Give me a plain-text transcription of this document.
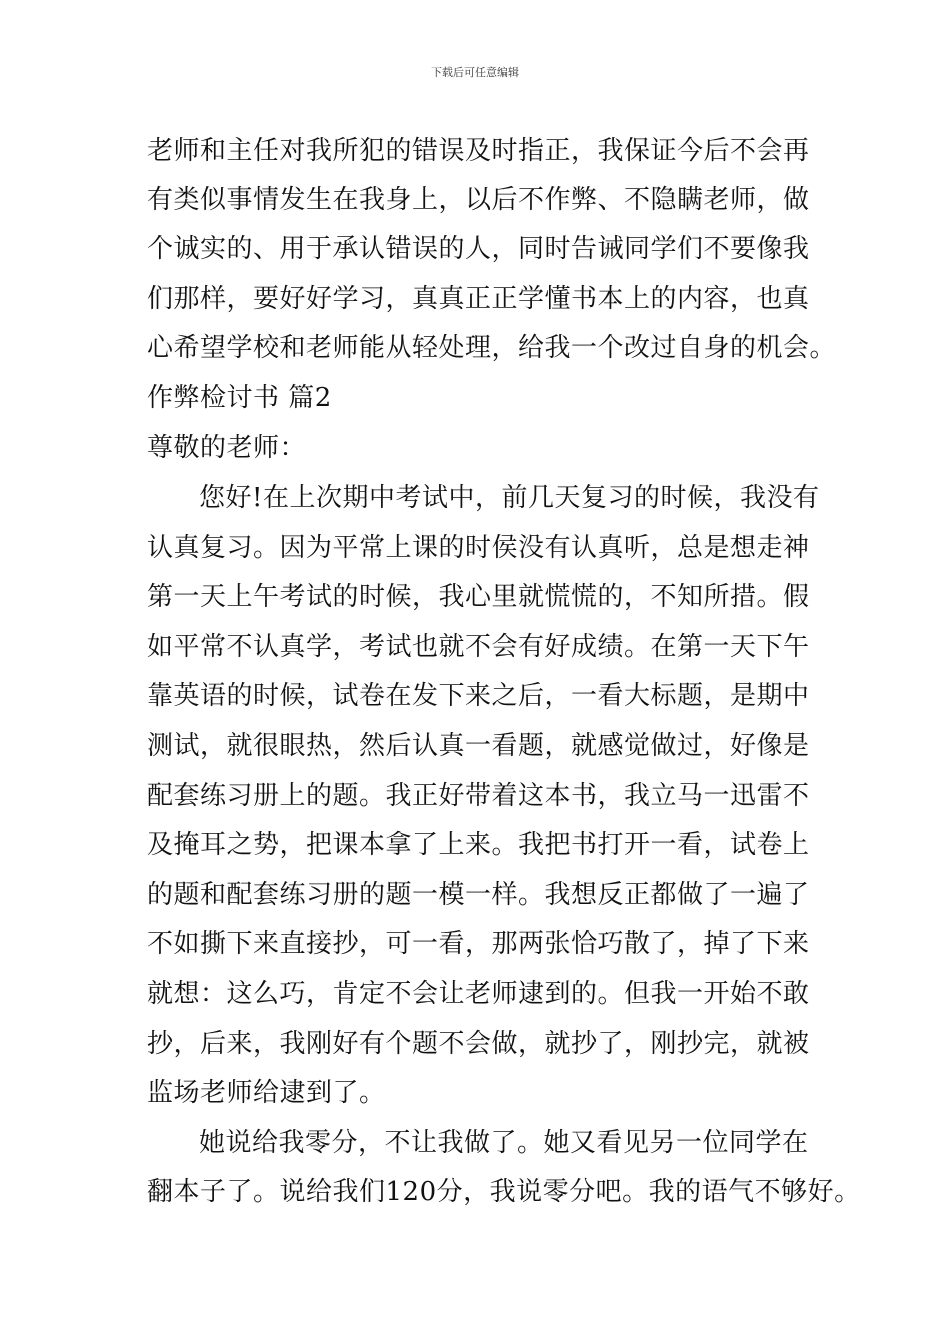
下载后可任意编辑
老师和主任对我所犯的错误及时指正，我保证今后不会再
有类似事情发生在我身上，以后不作弊、不隐瞒老师，做
个诚实的、用于承认错误的人，同时告诫同学们不要像我
们那样，要好好学习，真真正正学懂书本上的内容，也真
心希望学校和老师能从轻处理，给我一个改过自身的机会。
作弊检讨书 篇2
尊敬的老师：
您好!在上次期中考试中，前几天复习的时候，我没有
认真复习。因为平常上课的时侯没有认真听，总是想走神
第一天上午考试的时候，我心里就慌慌的，不知所措。假
如平常不认真学，考试也就不会有好成绩。在第一天下午
靠英语的时候，试卷在发下来之后，一看大标题，是期中
测试，就很眼热，然后认真一看题，就感觉做过，好像是
配套练习册上的题。我正好带着这本书，我立马一迅雷不
及掩耳之势，把课本拿了上来。我把书打开一看，试卷上
的题和配套练习册的题一模一样。我想反正都做了一遍了
不如撕下来直接抄，可一看，那两张恰巧散了，掉了下来
就想：这么巧，肯定不会让老师逮到的。但我一开始不敢
抄，后来，我刚好有个题不会做，就抄了，刚抄完，就被
监场老师给逮到了。
她说给我零分，不让我做了。她又看见另一位同学在
翻本子了。说给我们120分，我说零分吧。我的语气不够好。
